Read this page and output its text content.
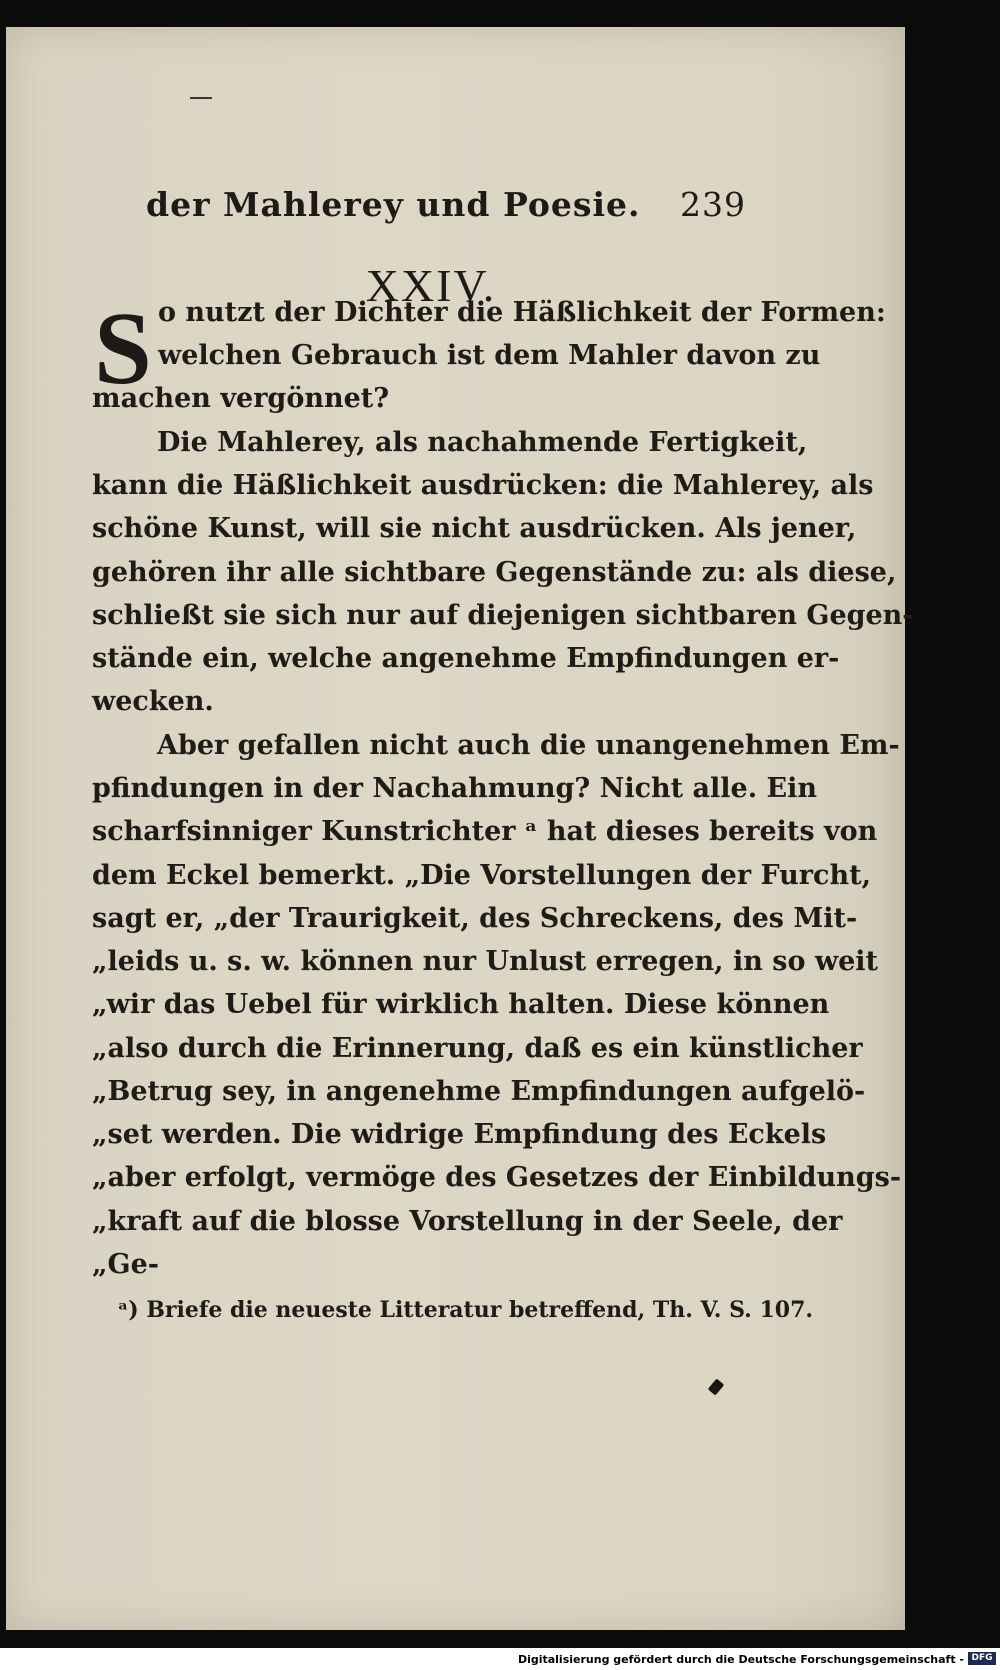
der Mahlerey und Poesie. 239
XXIV.
S o nutzt der Dichter die Häßlichkeit der Formen:
welchen Gebrauch ist dem Mahler davon zu
machen vergönnet?
Die Mahlerey, als nachahmende Fertigkeit,
kann die Häßlichkeit ausdrücken: die Mahlerey, als
schöne Kunst, will sie nicht ausdrücken. Als jener,
gehören ihr alle sichtbare Gegenstände zu: als diese,
schließt sie sich nur auf diejenigen sichtbaren Gegen-
stände ein, welche angenehme Empfindungen er-
wecken.
Aber gefallen nicht auch die unangenehmen Em-
pfindungen in der Nachahmung? Nicht alle. Ein
scharfsinniger Kunstrichter ᵃ hat dieses bereits von
dem Eckel bemerkt. „Die Vorstellungen der Furcht,
sagt er, „der Traurigkeit, des Schreckens, des Mit-
„leids u. s. w. können nur Unlust erregen, in so weit
„wir das Uebel für wirklich halten. Diese können
„also durch die Erinnerung, daß es ein künstlicher
„Betrug sey, in angenehme Empfindungen aufgelö-
„set werden. Die widrige Empfindung des Eckels
„aber erfolgt, vermöge des Gesetzes der Einbildungs-
„kraft auf die blosse Vorstellung in der Seele, der
„Ge-
ᵃ) Briefe die neueste Litteratur betreffend, Th. V. S. 107.
Digitalisierung gefördert durch die Deutsche Forschungsgemeinschaft - DFG
